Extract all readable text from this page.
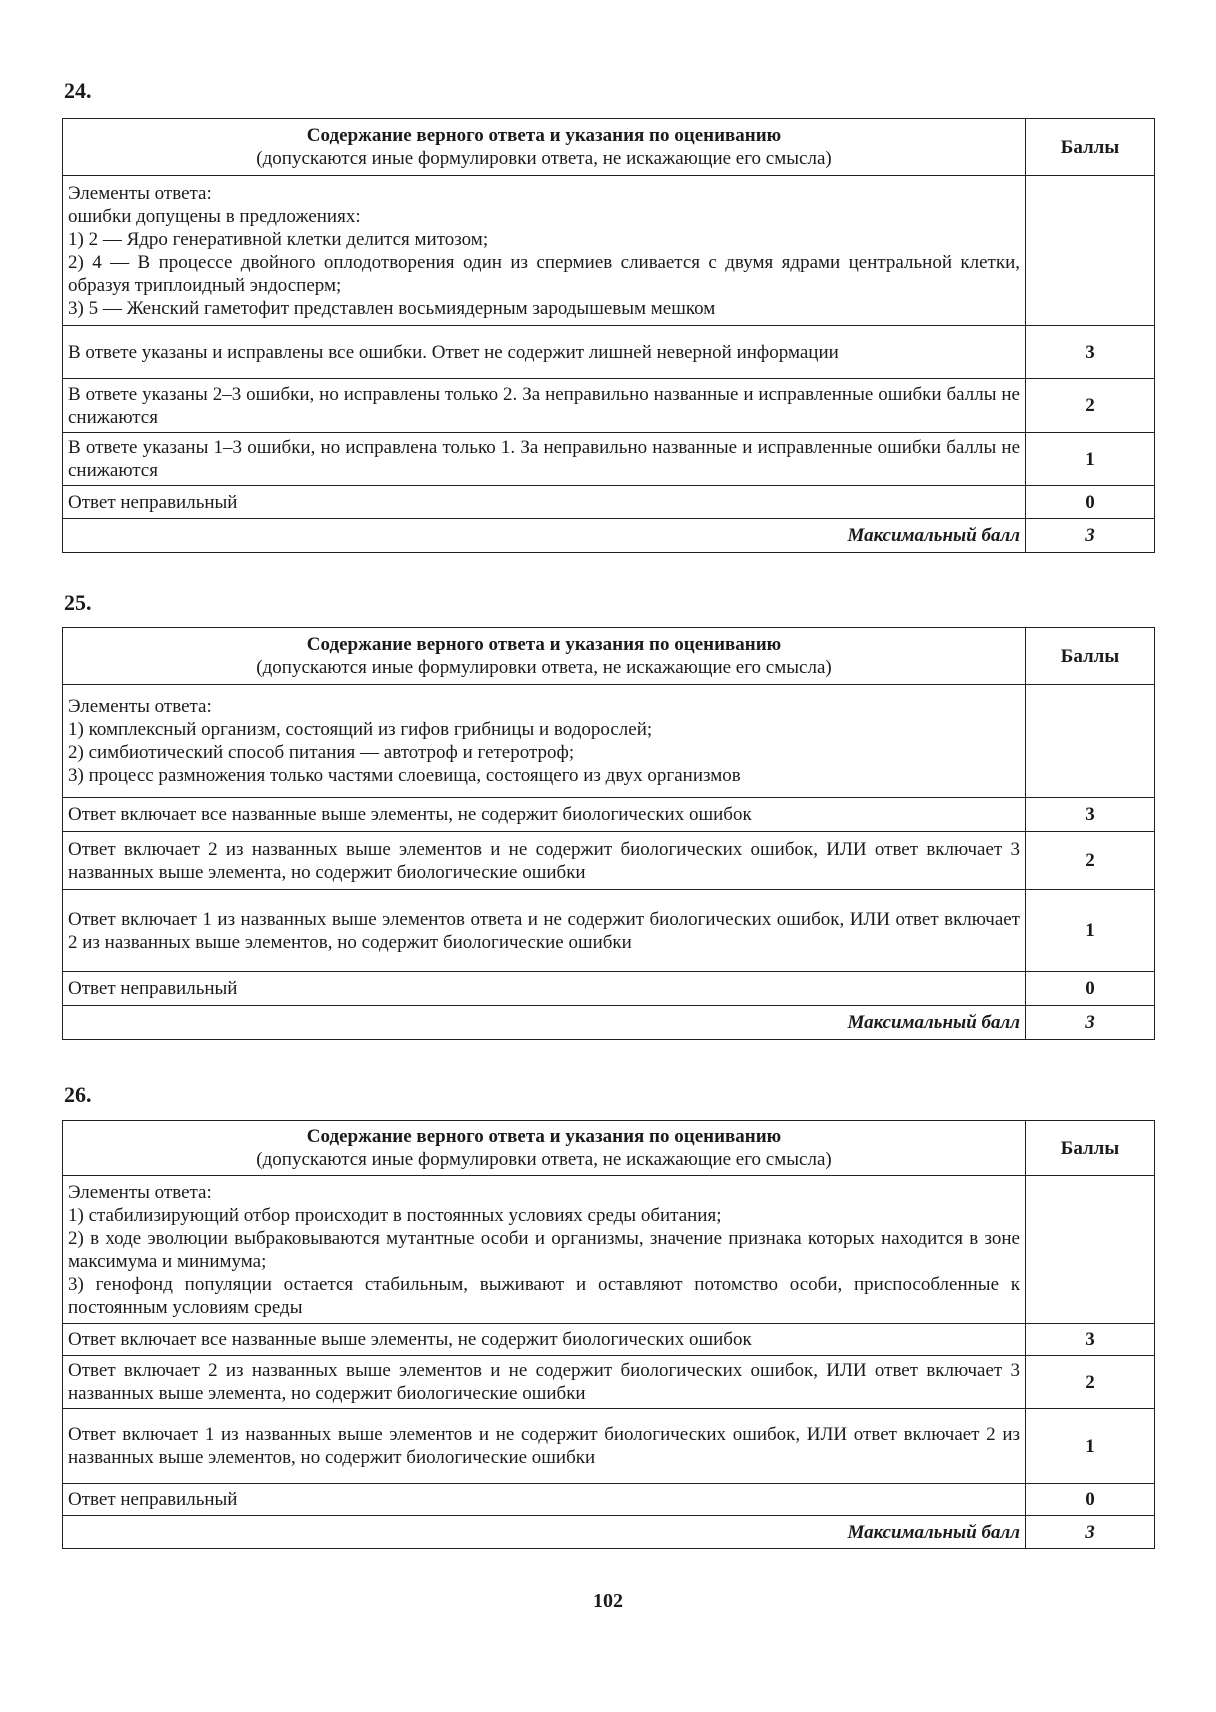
24.
Содержание верного ответа и указания по оцениванию
(допускаются иные формулировки ответа, не искажающие его смысла)	Баллы

Элементы ответа:
ошибки допущены в предложениях:
1) 2 — Ядро генеративной клетки делится митозом;
2) 4 — В процессе двойного оплодотворения один из спермиев сливается с двумя ядрами центральной клетки, образуя триплоидный эндосперм;
3) 5 — Женский гаметофит представлен восьмиядерным зародышевым мешком	

В ответе указаны и исправлены все ошибки. Ответ не содержит лишней неверной информации	3
В ответе указаны 2–3 ошибки, но исправлены только 2. За неправильно названные и исправленные ошибки баллы не снижаются	2
В ответе указаны 1–3 ошибки, но исправлена только 1. За неправильно названные и исправленные ошибки баллы не снижаются	1
Ответ неправильный	0
Максимальный балл	3
25.
Содержание верного ответа и указания по оцениванию
(допускаются иные формулировки ответа, не искажающие его смысла)	Баллы

Элементы ответа:
1) комплексный организм, состоящий из гифов грибницы и водорослей;
2) симбиотический способ питания — автотроф и гетеротроф;
3) процесс размножения только частями слоевища, состоящего из двух организмов	

Ответ включает все названные выше элементы, не содержит биологических ошибок	3
Ответ включает 2 из названных выше элементов и не содержит биологических ошибок, ИЛИ ответ включает 3 названных выше элемента, но содержит биологические ошибки	2
Ответ включает 1 из названных выше элементов ответа и не содержит биологических ошибок, ИЛИ ответ включает 2 из названных выше элементов, но содержит биологические ошибки	1
Ответ неправильный	0
Максимальный балл	3
26.
Содержание верного ответа и указания по оцениванию
(допускаются иные формулировки ответа, не искажающие его смысла)	Баллы

Элементы ответа:
1) стабилизирующий отбор происходит в постоянных условиях среды обитания;
2) в ходе эволюции выбраковываются мутантные особи и организмы, значение признака которых находится в зоне максимума и минимума;
3) генофонд популяции остается стабильным, выживают и оставляют потомство особи, приспособленные к постоянным условиям среды	

Ответ включает все названные выше элементы, не содержит биологических ошибок	3
Ответ включает 2 из названных выше элементов и не содержит биологических ошибок, ИЛИ ответ включает 3 названных выше элемента, но содержит биологические ошибки	2
Ответ включает 1 из названных выше элементов и не содержит биологических ошибок, ИЛИ ответ включает 2 из названных выше элементов, но содержит биологические ошибки	1
Ответ неправильный	0
Максимальный балл	3
102
